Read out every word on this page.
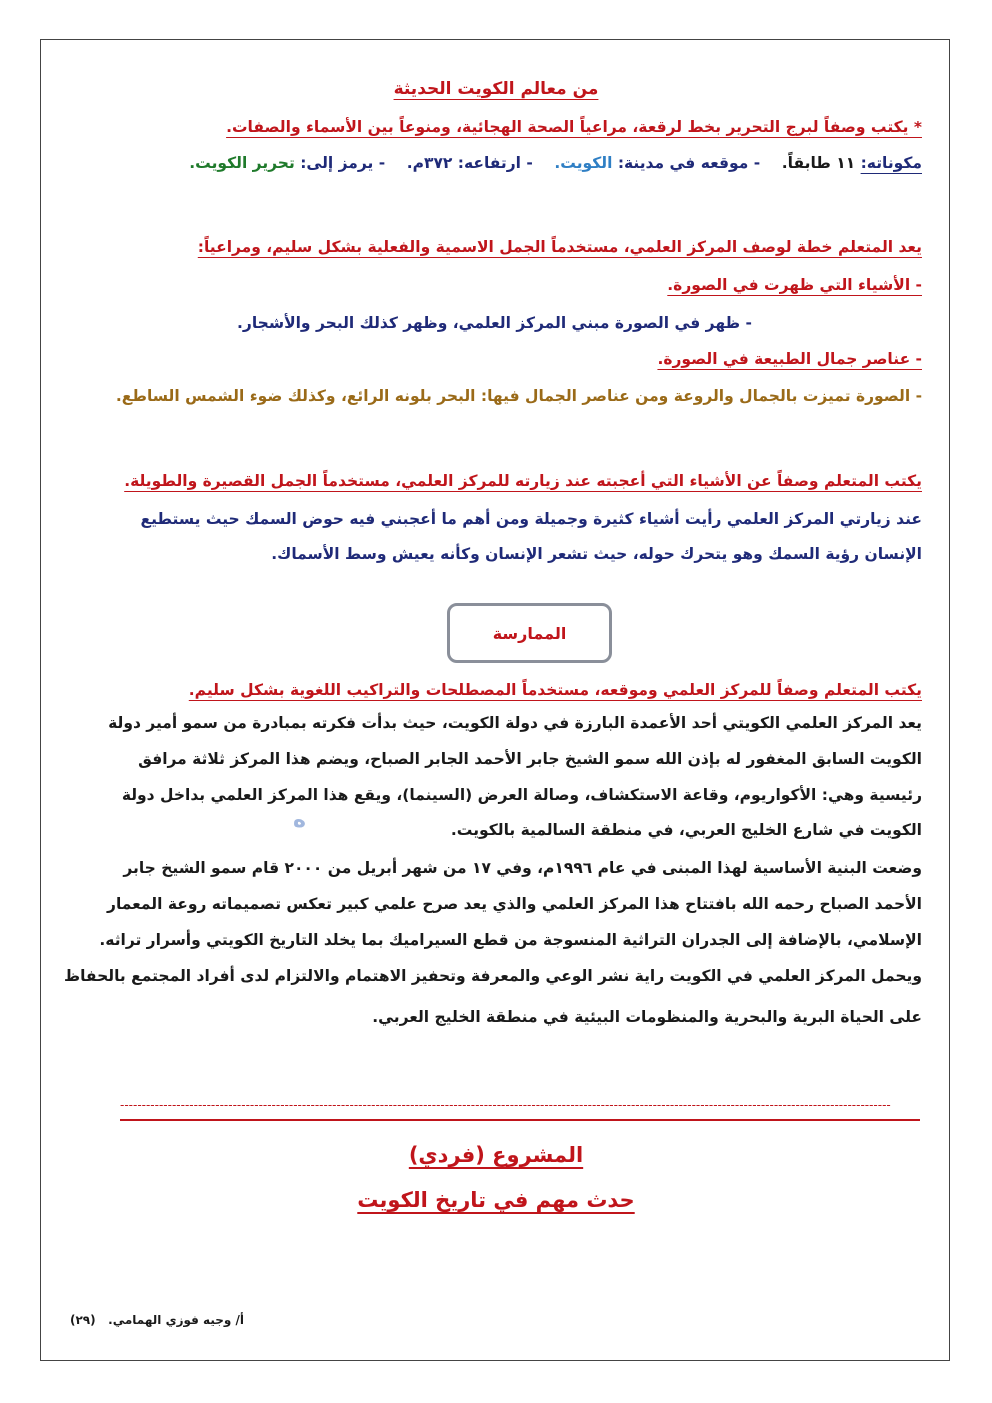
من معالم الكويت الحديثة

* يكتب وصفاً لبرج التحرير بخط لرقعة، مراعياً الصحة الهجائية، ومنوعاً بين الأسماء والصفات.

مكوناته: ١١ طابقاً.    - موقعه في مدينة: الكويت.    - ارتفاعه: ٣٧٢م.    - يرمز إلى: تحرير الكويت.

يعد المتعلم خطة لوصف المركز العلمي، مستخدماً الجمل الاسمية والفعلية بشكل سليم، ومراعياً:

- الأشياء التي ظهرت في الصورة.

- ظهر في الصورة مبني المركز العلمي، وظهر كذلك البحر والأشجار.

- عناصر جمال الطبيعة في الصورة.

- الصورة تميزت بالجمال والروعة ومن عناصر الجمال فيها: البحر بلونه الرائع، وكذلك ضوء الشمس الساطع.

يكتب المتعلم وصفاً عن الأشياء التي أعجبته عند زيارته للمركز العلمي، مستخدماً الجمل القصيرة والطويلة.

عند زيارتي المركز العلمي رأيت أشياء كثيرة وجميلة ومن أهم ما أعجبني فيه حوض السمك حيث يستطيع

الإنسان رؤية السمك وهو يتحرك حوله، حيث تشعر الإنسان وكأنه يعيش وسط الأسماك.

الممارسة

يكتب المتعلم وصفاً للمركز العلمي وموقعه، مستخدماً المصطلحات والتراكيب اللغوية بشكل سليم.

يعد المركز العلمي الكويتي أحد الأعمدة البارزة في دولة الكويت، حيث بدأت فكرته بمبادرة من سمو أمير دولة

الكويت السابق المغفور له بإذن الله سمو الشيخ جابر الأحمد الجابر الصباح، ويضم هذا المركز ثلاثة مرافق

رئيسية وهي: الأكواريوم، وقاعة الاستكشاف، وصالة العرض (السينما)، ويقع هذا المركز العلمي بداخل دولة

الكويت في شارع الخليج العربي، في منطقة السالمية بالكويت.

وضعت البنية الأساسية لهذا المبنى في عام ١٩٩٦م، وفي ١٧ من شهر أبريل من ٢٠٠٠ قام سمو الشيخ جابر

الأحمد الصباح رحمه الله بافتتاح هذا المركز العلمي والذي يعد صرح علمي كبير تعكس تصميماته روعة المعمار

الإسلامي، بالإضافة إلى الجدران التراثية المنسوجة من قطع السيراميك بما يخلد التاريخ الكويتي وأسرار تراثه.

ويحمل المركز العلمي في الكويت راية نشر الوعي والمعرفة وتحفيز الاهتمام والالتزام لدى أفراد المجتمع بالحفاظ

على الحياة البرية والبحرية والمنظومات البيئية في منطقة الخليج العربي.

ه
----------------------------------------------------------------------------------------------------------------------------------------------------------------------------------

المشروع (فردي)

حدث مهم في تاريخ الكويت

أ/ وجيه فوزي الهمامي.   (٢٩)
